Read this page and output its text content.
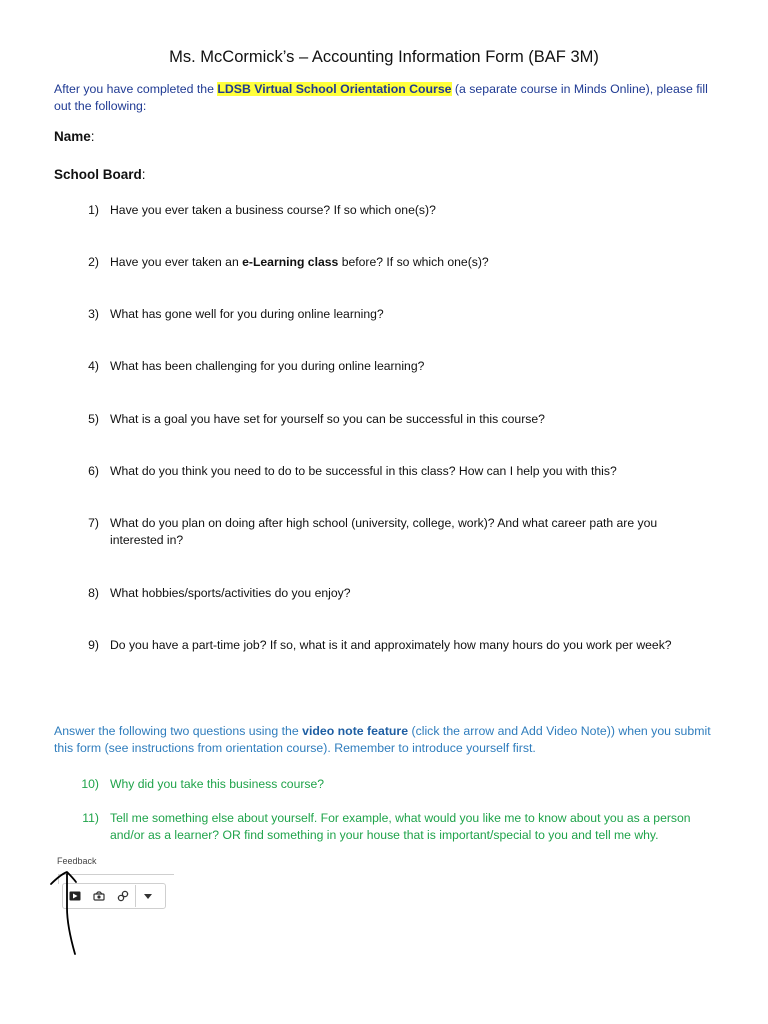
Ms. McCormick’s – Accounting Information Form (BAF 3M)
After you have completed the LDSB Virtual School Orientation Course (a separate course in Minds Online), please fill out the following:
Name:
School Board:
1) Have you ever taken a business course? If so which one(s)?
2) Have you ever taken an e-Learning class before? If so which one(s)?
3) What has gone well for you during online learning?
4) What has been challenging for you during online learning?
5) What is a goal you have set for yourself so you can be successful in this course?
6) What do you think you need to do to be successful in this class? How can I help you with this?
7) What do you plan on doing after high school (university, college, work)? And what career path are you interested in?
8) What hobbies/sports/activities do you enjoy?
9) Do you have a part-time job? If so, what is it and approximately how many hours do you work per week?
Answer the following two questions using the video note feature (click the arrow and Add Video Note)) when you submit this form (see instructions from orientation course). Remember to introduce yourself first.
10) Why did you take this business course?
11) Tell me something else about yourself. For example, what would you like me to know about you as a person and/or as a learner? OR find something in your house that is important/special to you and tell me why.
Feedback
